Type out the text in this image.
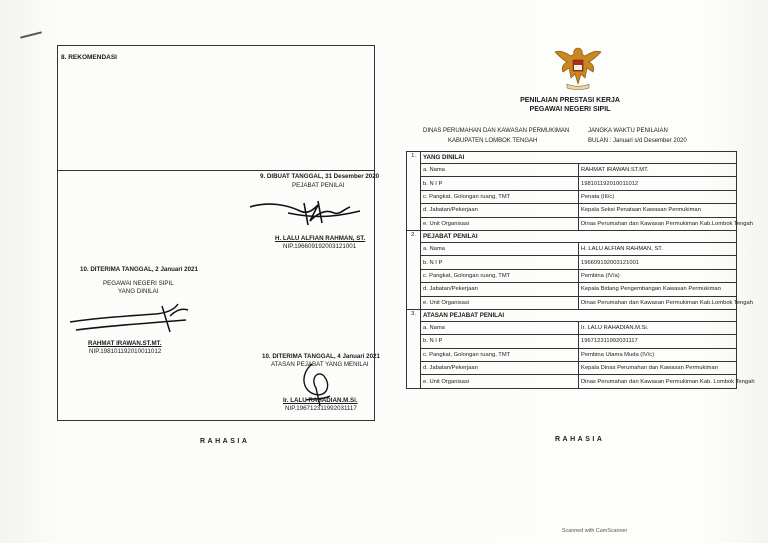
8. REKOMENDASI
9. DIBUAT TANGGAL, 31 Desember 2020
PEJABAT PENILAI
H. LALU ALFIAN RAHMAN, ST.
NIP.196609192003121001
10. DITERIMA TANGGAL, 2 Januari 2021
PEGAWAI NEGERI SIPIL
YANG DINILAI
RAHMAT IRAWAN.ST.MT.
NIP.198101192010011012
10. DITERIMA TANGGAL, 4 Januari 2021
ATASAN PEJABAT YANG MENILAI
Ir. LALU RAHADIAN.M.Si.
NIP.196712311992031117
RAHASIA
PENILAIAN PRESTASI KERJA
PEGAWAI NEGERI SIPIL
DINAS PERUMAHAN DAN KAWASAN PERMUKIMAN
KABUPATEN LOMBOK TENGAH
JANGKA WAKTU PENILAIAN
BULAN : Januari s/d Desember 2020
1.	YANG DINILAI	
	a. Nama	RAHMAT IRAWAN.ST.MT.
	b. N I P	198101192010011012
	c. Pangkat, Golongan ruang, TMT	Penata (III/c)
	d. Jabatan/Pekerjaan	Kepala Seksi Penataan Kawasan Permukiman
	e. Unit Organisasi	Dinas Perumahan dan Kawasan Permukiman Kab.Lombok Tengah
2.	PEJABAT PENILAI	
	a. Nama	H. LALU ALFIAN RAHMAN, ST.
	b. N I P	196609192003121001
	c. Pangkat, Golongan ruang, TMT	Pembina (IV/a)
	d. Jabatan/Pekerjaan	Kepala Bidang Pengembangan Kawasan Permukiman
	e. Unit Organisasi	Dinas Perumahan dan Kawasan Permukiman Kab.Lombok Tengah
3.	ATASAN PEJABAT PENILAI	
	a. Nama	Ir. LALU RAHADIAN.M.Si.
	b. N I P	196712311992031117
	c. Pangkat, Golongan ruang, TMT	Pembina Utama Muda (IV/c)
	d. Jabatan/Pekerjaan	Kepala Dinas Perumahan dan Kawasan Permukiman
	e. Unit Organisasi	Dinas Perumahan dan Kawasan Permukiman Kab. Lombok Tengah
RAHASIA
Scanned with CamScanner
